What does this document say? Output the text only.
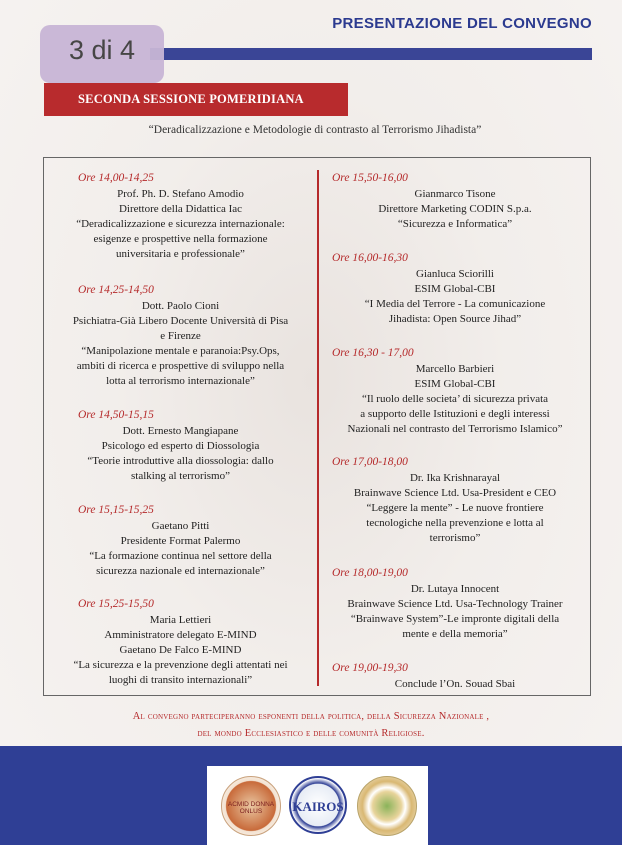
PRESENTAZIONE DEL CONVEGNO
3 di 4
SECONDA SESSIONE POMERIDIANA
“Deradicalizzazione e Metodologie di contrasto al Terrorismo Jihadista”
Ore 14,00-14,25
Prof. Ph. D. Stefano Amodio
Direttore della Didattica Iac
“Deradicalizzazione e sicurezza internazionale:
esigenze e prospettive nella formazione
universitaria e professionale”
Ore 14,25-14,50
Dott. Paolo Cioni
Psichiatra-Già Libero Docente Università di Pisa
e Firenze
“Manipolazione mentale e paranoia:Psy.Ops,
ambiti di ricerca e prospettive di sviluppo nella
lotta al terrorismo internazionale”
Ore 14,50-15,15
Dott. Ernesto Mangiapane
Psicologo ed esperto di Diossologia
“Teorie introduttive alla diossologia: dallo
stalking al terrorismo”
Ore 15,15-15,25
Gaetano Pitti
Presidente Format Palermo
“La formazione continua nel settore della
sicurezza nazionale ed internazionale”
Ore 15,25-15,50
Maria Lettieri
Amministratore delegato E-MIND
Gaetano De Falco E-MIND
“La sicurezza e la prevenzione degli attentati nei
luoghi di transito internazionali”
Ore 15,50-16,00
Gianmarco Tisone
Direttore Marketing CODIN S.p.a.
“Sicurezza e Informatica”
Ore 16,00-16,30
Gianluca Sciorilli
ESIM Global-CBI
“I Media del Terrore - La comunicazione
Jihadista: Open Source Jihad”
Ore 16,30 - 17,00
Marcello Barbieri
ESIM Global-CBI
“Il ruolo delle societa’ di sicurezza privata
a supporto delle Istituzioni e degli interessi
Nazionali nel contrasto del Terrorismo Islamico”
Ore 17,00-18,00
Dr. Ika Krishnarayal
Brainwave Science Ltd. Usa-President e CEO
“Leggere la mente” - Le nuove frontiere
tecnologiche nella prevenzione e lotta al
terrorismo”
Ore 18,00-19,00
Dr. Lutaya Innocent
Brainwave Science Ltd. Usa-Technology Trainer
“Brainwave System”-Le impronte digitali della
mente e della memoria”
Ore 19,00-19,30
Conclude l’On. Souad Sbai
Al convegno parteciperanno esponenti della politica, della Sicurezza Nazionale ,
del mondo Ecclesiastico e delle comunità Religiose.
ACMID DONNA ONLUS	KAIROS
